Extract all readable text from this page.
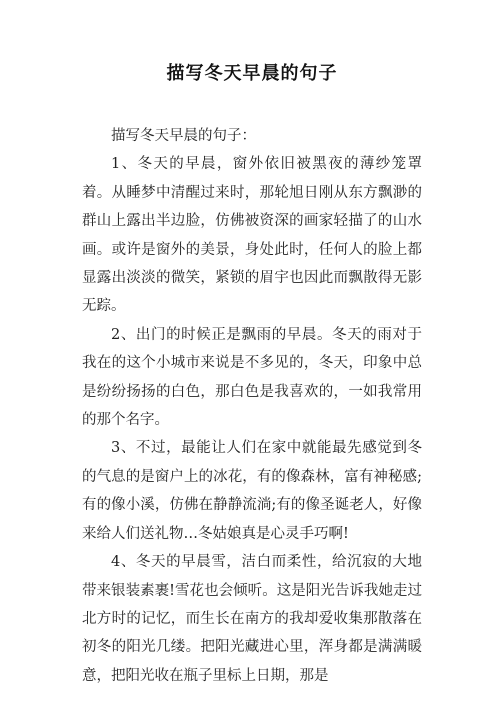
描写冬天早晨的句子

描写冬天早晨的句子：

1、冬天的早晨，窗外依旧被黑夜的薄纱笼罩着。从睡梦中清醒过来时，那轮旭日刚从东方飘渺的群山上露出半边脸，仿佛被资深的画家轻描了的山水画。或许是窗外的美景，身处此时，任何人的脸上都显露出淡淡的微笑，紧锁的眉宇也因此而飘散得无影无踪。

2、出门的时候正是飘雨的早晨。冬天的雨对于我在的这个小城市来说是不多见的，冬天，印象中总是纷纷扬扬的白色，那白色是我喜欢的，一如我常用的那个名字。

3、不过，最能让人们在家中就能最先感觉到冬的气息的是窗户上的冰花，有的像森林，富有神秘感;有的像小溪，仿佛在静静流淌;有的像圣诞老人，好像来给人们送礼物…冬姑娘真是心灵手巧啊!

4、冬天的早晨雪，洁白而柔性，给沉寂的大地带来银装素裹!雪花也会倾听。这是阳光告诉我她走过北方时的记忆，而生长在南方的我却爱收集那散落在初冬的阳光几缕。把阳光藏进心里，浑身都是满满暖意，把阳光收在瓶子里标上日期，那是
